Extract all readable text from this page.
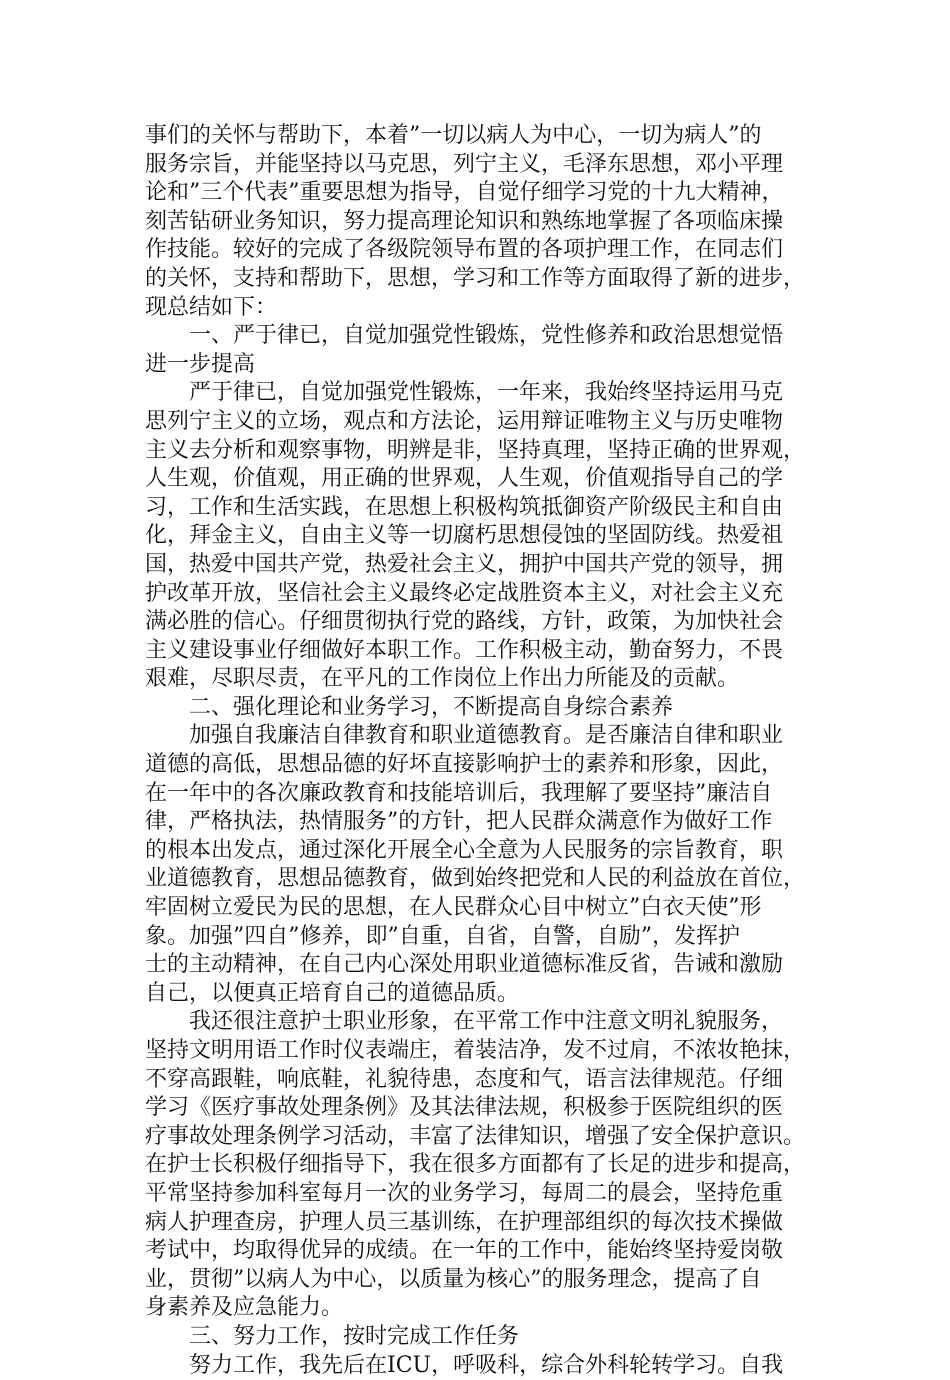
事们的关怀与帮助下，本着”一切以病人为中心，一切为病人”的
服务宗旨，并能坚持以马克思，列宁主义，毛泽东思想，邓小平理
论和”三个代表”重要思想为指导，自觉仔细学习党的十九大精神，
刻苦钻研业务知识，努力提高理论知识和熟练地掌握了各项临床操
作技能。较好的完成了各级院领导布置的各项护理工作，在同志们
的关怀，支持和帮助下，思想，学习和工作等方面取得了新的进步，
现总结如下：
一、严于律已，自觉加强党性锻炼，党性修养和政治思想觉悟
进一步提高
严于律已，自觉加强党性锻炼，一年来，我始终坚持运用马克
思列宁主义的立场，观点和方法论，运用辩证唯物主义与历史唯物
主义去分析和观察事物，明辨是非，坚持真理，坚持正确的世界观，
人生观，价值观，用正确的世界观，人生观，价值观指导自己的学
习，工作和生活实践，在思想上积极构筑抵御资产阶级民主和自由
化，拜金主义，自由主义等一切腐朽思想侵蚀的坚固防线。热爱祖
国，热爱中国共产党，热爱社会主义，拥护中国共产党的领导，拥
护改革开放，坚信社会主义最终必定战胜资本主义，对社会主义充
满必胜的信心。仔细贯彻执行党的路线，方针，政策，为加快社会
主义建设事业仔细做好本职工作。工作积极主动，勤奋努力，不畏
艰难，尽职尽责，在平凡的工作岗位上作出力所能及的贡献。
二、强化理论和业务学习，不断提高自身综合素养
加强自我廉洁自律教育和职业道德教育。是否廉洁自律和职业
道德的高低，思想品德的好坏直接影响护士的素养和形象，因此，
在一年中的各次廉政教育和技能培训后，我理解了要坚持”廉洁自
律，严格执法，热情服务”的方针，把人民群众满意作为做好工作
的根本出发点，通过深化开展全心全意为人民服务的宗旨教育，职
业道德教育，思想品德教育，做到始终把党和人民的利益放在首位，
牢固树立爱民为民的思想，在人民群众心目中树立”白衣天使”形
象。加强”四自”修养，即”自重，自省，自警，自励”，发挥护
士的主动精神，在自己内心深处用职业道德标准反省，告诫和激励
自己，以便真正培育自己的道德品质。
我还很注意护士职业形象，在平常工作中注意文明礼貌服务，
坚持文明用语工作时仪表端庄，着装洁净，发不过肩，不浓妆艳抹，
不穿高跟鞋，响底鞋，礼貌待患，态度和气，语言法律规范。仔细
学习《医疗事故处理条例》及其法律法规，积极参于医院组织的医
疗事故处理条例学习活动，丰富了法律知识，增强了安全保护意识。
在护士长积极仔细指导下，我在很多方面都有了长足的进步和提高，
平常坚持参加科室每月一次的业务学习，每周二的晨会，坚持危重
病人护理查房，护理人员三基训练，在护理部组织的每次技术操做
考试中，均取得优异的成绩。在一年的工作中，能始终坚持爱岗敬
业，贯彻”以病人为中心，以质量为核心”的服务理念，提高了自
身素养及应急能力。
三、努力工作，按时完成工作任务
努力工作，我先后在ICU，呼吸科，综合外科轮转学习。自我
